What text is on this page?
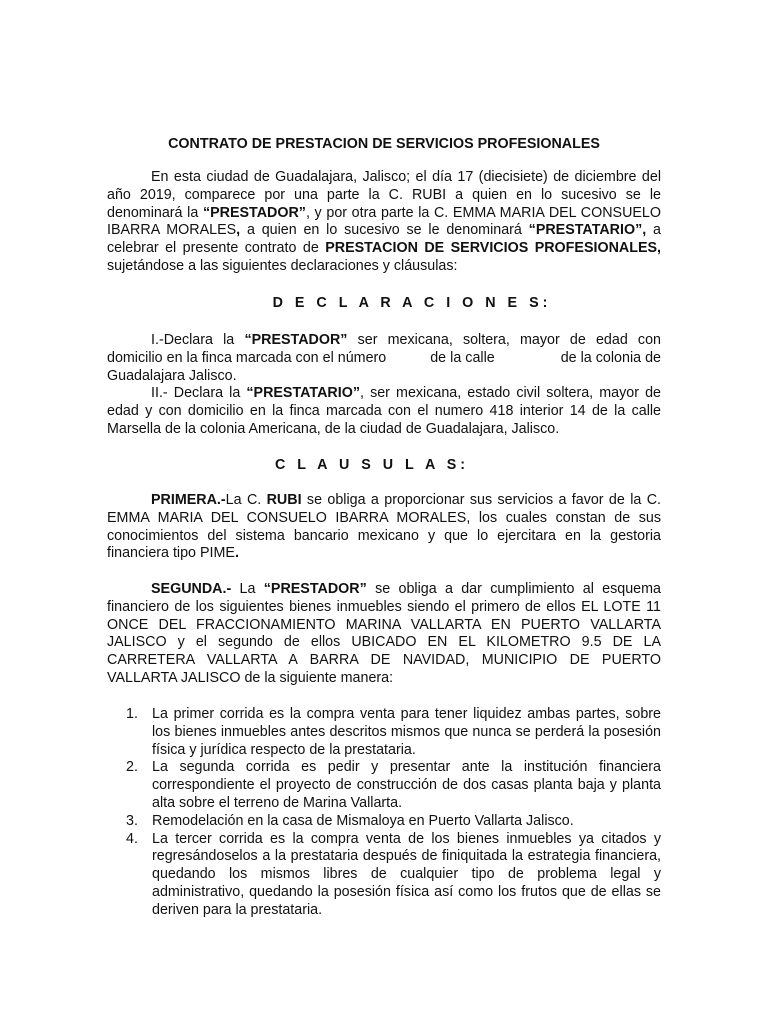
CONTRATO DE PRESTACION DE SERVICIOS PROFESIONALES

En esta ciudad de Guadalajara, Jalisco; el día 17 (diecisiete) de diciembre del año 2019, comparece por una parte la C. RUBI a quien en lo sucesivo se le denominará la “PRESTADOR”, y por otra parte la C. EMMA MARIA DEL CONSUELO IBARRA MORALES, a quien en lo sucesivo se le denominará “PRESTATARIO”, a celebrar el presente contrato de PRESTACION DE SERVICIOS PROFESIONALES, sujetándose a las siguientes declaraciones y cláusulas:

D E C L A R A C I O N E S:

I.-Declara la “PRESTADOR” ser mexicana, soltera, mayor de edad con domicilio en la finca marcada con el número	de la calle	de la colonia de Guadalajara Jalisco.

II.- Declara la “PRESTATARIO”, ser mexicana, estado civil soltera, mayor de edad y con domicilio en la finca marcada con el numero 418 interior 14 de la calle Marsella de la colonia Americana, de la ciudad de Guadalajara, Jalisco.

C L A U S U L A S:

PRIMERA.-La C. RUBI se obliga a proporcionar sus servicios a favor de la C. EMMA MARIA DEL CONSUELO IBARRA MORALES, los cuales constan de sus conocimientos del sistema bancario mexicano y que lo ejercitara en la gestoria financiera tipo PIME.

SEGUNDA.- La “PRESTADOR” se obliga a dar cumplimiento al esquema financiero de los siguientes bienes inmuebles siendo el primero de ellos EL LOTE 11 ONCE DEL FRACCIONAMIENTO MARINA VALLARTA EN PUERTO VALLARTA JALISCO y el segundo de ellos UBICADO EN EL KILOMETRO 9.5 DE LA CARRETERA VALLARTA A BARRA DE NAVIDAD, MUNICIPIO DE PUERTO VALLARTA JALISCO de la siguiente manera:

1. La primer corrida es la compra venta para tener liquidez ambas partes, sobre los bienes inmuebles antes descritos mismos que nunca se perderá la posesión física y jurídica respecto de la prestataria.
2. La segunda corrida es pedir y presentar ante la institución financiera correspondiente el proyecto de construcción de dos casas planta baja y planta alta sobre el terreno de Marina Vallarta.
3. Remodelación en la casa de Mismaloya en Puerto Vallarta Jalisco.
4. La tercer corrida es la compra venta de los bienes inmuebles ya citados y regresándoselos a la prestataria después de finiquitada la estrategia financiera, quedando los mismos libres de cualquier tipo de problema legal y administrativo, quedando la posesión física así como los frutos que de ellas se deriven para la prestataria.
